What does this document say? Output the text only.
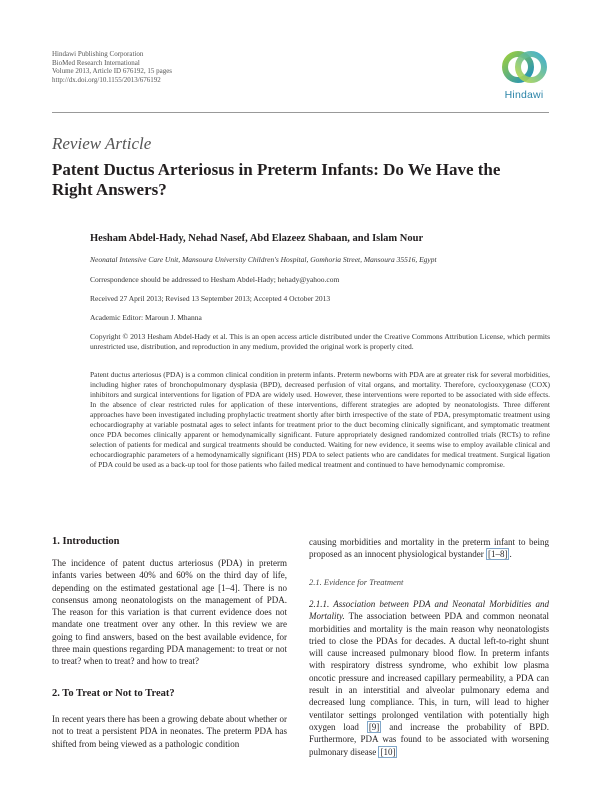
Hindawi Publishing Corporation
BioMed Research International
Volume 2013, Article ID 676192, 15 pages
http://dx.doi.org/10.1155/2013/676192
Hindawi
Review Article
Patent Ductus Arteriosus in Preterm Infants: Do We Have the Right Answers?
Hesham Abdel-Hady, Nehad Nasef, Abd Elazeez Shabaan, and Islam Nour
Neonatal Intensive Care Unit, Mansoura University Children's Hospital, Gomhoria Street, Mansoura 35516, Egypt
Correspondence should be addressed to Hesham Abdel-Hady; hehady@yahoo.com
Received 27 April 2013; Revised 13 September 2013; Accepted 4 October 2013
Academic Editor: Maroun J. Mhanna
Copyright © 2013 Hesham Abdel-Hady et al. This is an open access article distributed under the Creative Commons Attribution License, which permits unrestricted use, distribution, and reproduction in any medium, provided the original work is properly cited.
Patent ductus arteriosus (PDA) is a common clinical condition in preterm infants. Preterm newborns with PDA are at greater risk for several morbidities, including higher rates of bronchopulmonary dysplasia (BPD), decreased perfusion of vital organs, and mortality. Therefore, cyclooxygenase (COX) inhibitors and surgical interventions for ligation of PDA are widely used. However, these interventions were reported to be associated with side effects. In the absence of clear restricted rules for application of these interventions, different strategies are adopted by neonatologists. Three different approaches have been investigated including prophylactic treatment shortly after birth irrespective of the state of PDA, presymptomatic treatment using echocardiography at variable postnatal ages to select infants for treatment prior to the duct becoming clinically significant, and symptomatic treatment once PDA becomes clinically apparent or hemodynamically significant. Future appropriately designed randomized controlled trials (RCTs) to refine selection of patients for medical and surgical treatments should be conducted. Waiting for new evidence, it seems wise to employ available clinical and echocardiographic parameters of a hemodynamically significant (HS) PDA to select patients who are candidates for medical treatment. Surgical ligation of PDA could be used as a back-up tool for those patients who failed medical treatment and continued to have hemodynamic compromise.
1. Introduction
The incidence of patent ductus arteriosus (PDA) in preterm infants varies between 40% and 60% on the third day of life, depending on the estimated gestational age [1–4]. There is no consensus among neonatologists on the management of PDA. The reason for this variation is that current evidence does not mandate one treatment over any other. In this review we are going to find answers, based on the best available evidence, for three main questions regarding PDA management: to treat or not to treat? when to treat? and how to treat?
2. To Treat or Not to Treat?
In recent years there has been a growing debate about whether or not to treat a persistent PDA in neonates. The preterm PDA has shifted from being viewed as a pathologic condition
causing morbidities and mortality in the preterm infant to being proposed as an innocent physiological bystander [1–8] .
2.1. Evidence for Treatment
2.1.1. Association between PDA and Neonatal Morbidities and Mortality. The association between PDA and common neonatal morbidities and mortality is the main reason why neonatologists tried to close the PDAs for decades. A ductal left-to-right shunt will cause increased pulmonary blood flow. In preterm infants with respiratory distress syndrome, who exhibit low plasma oncotic pressure and increased capillary permeability, a PDA can result in an interstitial and alveolar pulmonary edema and decreased lung compliance. This, in turn, will lead to higher ventilator settings prolonged ventilation with potentially high oxygen load [9] and increase the probability of BPD. Furthermore, PDA was found to be associated with worsening pulmonary disease [10]
